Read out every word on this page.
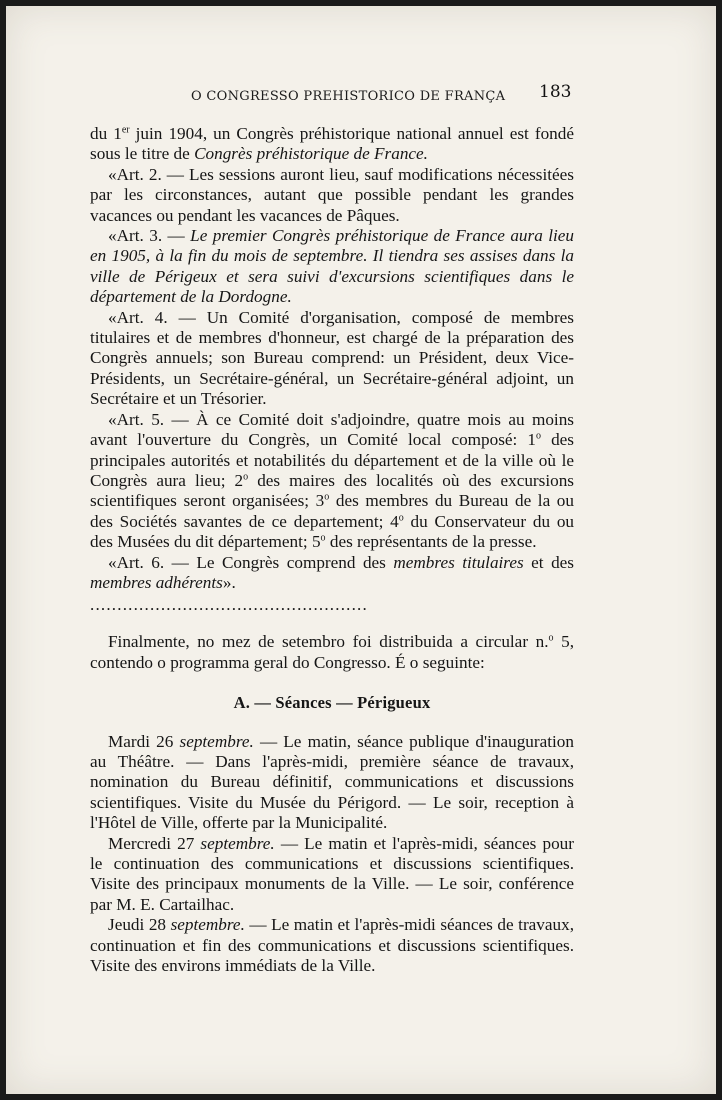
O CONGRESSO PREHISTORICO DE FRANÇA 183

du 1er juin 1904, un Congrès préhistorique national annuel est fondé sous le titre de Congrès préhistorique de France.

«Art. 2. — Les sessions auront lieu, sauf modifications nécessitées par les circonstances, autant que possible pendant les grandes vacances ou pendant les vacances de Pâques.

«Art. 3. — Le premier Congrès préhistorique de France aura lieu en 1905, à la fin du mois de septembre. Il tiendra ses assises dans la ville de Périgeux et sera suivi d'excursions scientifiques dans le département de la Dordogne.

«Art. 4. — Un Comité d'organisation, composé de membres titulaires et de membres d'honneur, est chargé de la préparation des Congrès annuels; son Bureau comprend: un Président, deux Vice-Présidents, un Secrétaire-général, un Secrétaire-général adjoint, un Secrétaire et un Trésorier.

«Art. 5. — À ce Comité doit s'adjoindre, quatre mois au moins avant l'ouverture du Congrès, un Comité local composé: 1$^o$ des principales autorités et notabilités du département et de la ville où le Congrès aura lieu; 2$^o$ des maires des localités où des excursions scientifiques seront organisées; 3$^o$ des membres du Bureau de la ou des Sociétés savantes de ce departement; 4$^o$ du Conservateur du ou des Musées du dit département; 5$^o$ des représentants de la presse.

«Art. 6. — Le Congrès comprend des membres titulaires et des membres adhérents».

...................................................

Finalmente, no mez de setembro foi distribuida a circular n.$^o$ 5, contendo o programma geral do Congresso. É o seguinte:

A. — Séances — Périgueux

Mardi 26 septembre. — Le matin, séance publique d'inauguration au Théâtre. — Dans l'après-midi, première séance de travaux, nomination du Bureau définitif, communications et discussions scientifiques. Visite du Musée du Périgord. — Le soir, reception à l'Hôtel de Ville, offerte par la Municipalité.

Mercredi 27 septembre. — Le matin et l'après-midi, séances pour le continuation des communications et discussions scientifiques. Visite des principaux monuments de la Ville. — Le soir, conférence par M. E. Cartailhac.

Jeudi 28 septembre. — Le matin et l'après-midi séances de travaux, continuation et fin des communications et discussions scientifiques. Visite des environs immédiats de la Ville.
